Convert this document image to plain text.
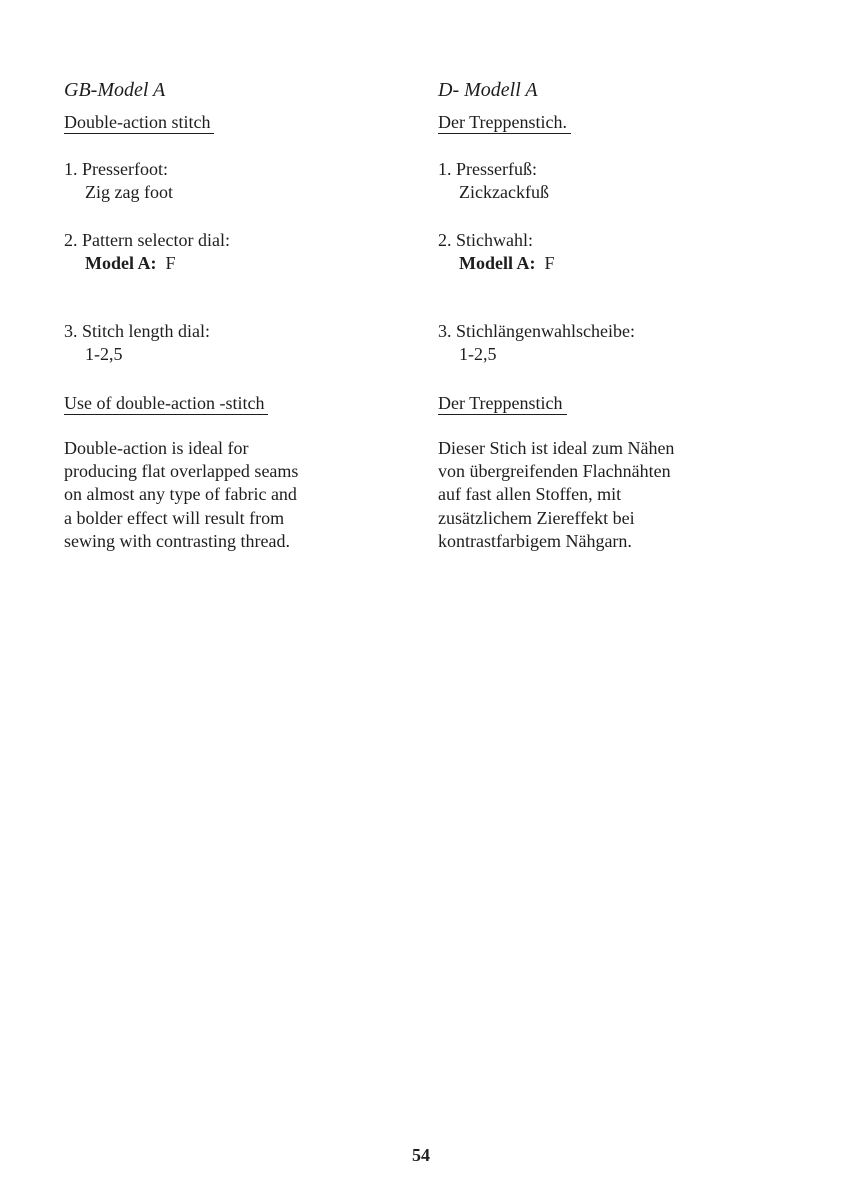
GB-Model A
Double-action stitch
1. Presserfoot:
Zig zag foot
2. Pattern selector dial:
Model A: F
3. Stitch length dial:
1-2,5
Use of double-action -stitch
Double-action is ideal for
producing flat overlapped seams
on almost any type of fabric and
a bolder effect will result from
sewing with contrasting thread.
D- Modell A
Der Treppenstich.
1. Presserfuß:
Zickzackfuß
2. Stichwahl:
Modell A: F
3. Stichlängenwahlscheibe:
1-2,5
Der Treppenstich
Dieser Stich ist ideal zum Nähen
von übergreifenden Flachnähten
auf fast allen Stoffen, mit
zusätzlichem Ziereffekt bei
kontrastfarbigem Nähgarn.
54
